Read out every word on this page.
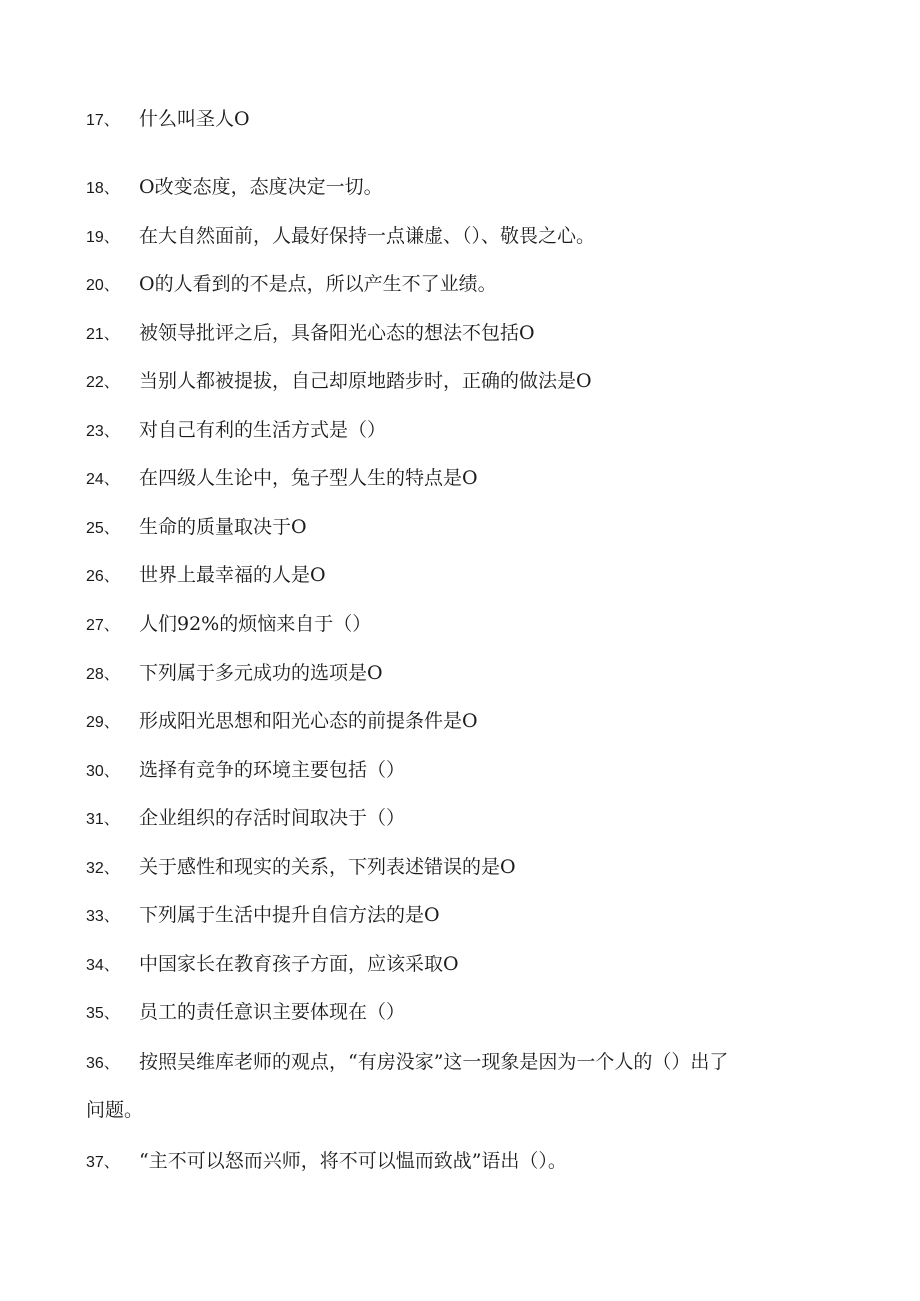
17、 什么叫圣人O
18、 O改变态度，态度决定一切。
19、 在大自然面前，人最好保持一点谦虚、（）、敬畏之心。
20、 O的人看到的不是点，所以产生不了业绩。
21、 被领导批评之后，具备阳光心态的想法不包括O
22、 当别人都被提拔，自己却原地踏步时，正确的做法是O
23、 对自己有利的生活方式是（）
24、 在四级人生论中，兔子型人生的特点是O
25、 生命的质量取决于O
26、 世界上最幸福的人是O
27、 人们92%的烦恼来自于（）
28、 下列属于多元成功的选项是O
29、 形成阳光思想和阳光心态的前提条件是O
30、 选择有竞争的环境主要包括（）
31、 企业组织的存活时间取决于（）
32、 关于感性和现实的关系，下列表述错误的是O
33、 下列属于生活中提升自信方法的是O
34、 中国家长在教育孩子方面，应该采取O
35、 员工的责任意识主要体现在（）
36、 按照吴维库老师的观点，“有房没家”这一现象是因为一个人的（）出了
问题。
37、 “主不可以怒而兴师，将不可以愠而致战”语出（）。
